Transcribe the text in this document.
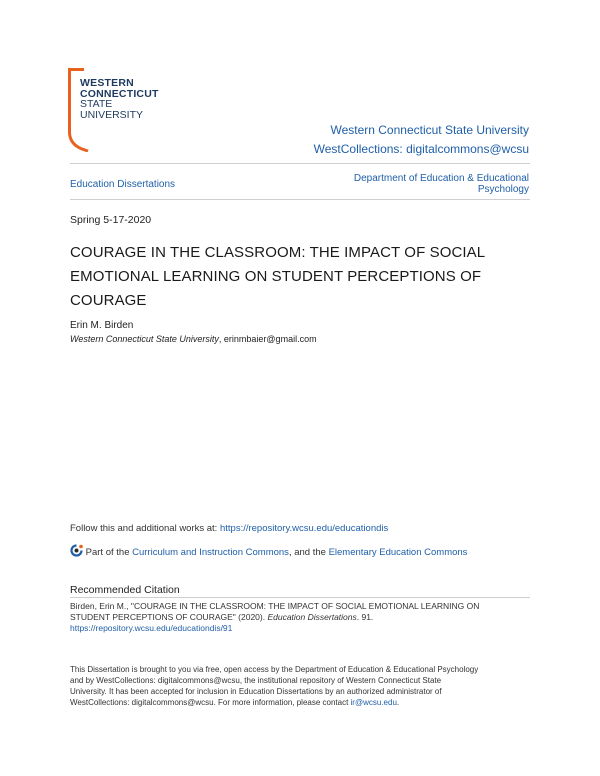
WESTERN
CONNECTICUT
STATE
UNIVERSITY
Western Connecticut State University
WestCollections: digitalcommons@wcsu
Education Dissertations
Department of Education & Educational
Psychology
Spring 5-17-2020
COURAGE IN THE CLASSROOM: THE IMPACT OF SOCIAL
EMOTIONAL LEARNING ON STUDENT PERCEPTIONS OF
COURAGE
Erin M. Birden
Western Connecticut State University, erinmbaier@gmail.com
Follow this and additional works at: https://repository.wcsu.edu/educationdis
Part of the Curriculum and Instruction Commons, and the Elementary Education Commons
Recommended Citation
Birden, Erin M., "COURAGE IN THE CLASSROOM: THE IMPACT OF SOCIAL EMOTIONAL LEARNING ON
STUDENT PERCEPTIONS OF COURAGE" (2020). Education Dissertations. 91.
https://repository.wcsu.edu/educationdis/91
This Dissertation is brought to you via free, open access by the Department of Education & Educational Psychology
and by WestCollections: digitalcommons@wcsu, the institutional repository of Western Connecticut State
University. It has been accepted for inclusion in Education Dissertations by an authorized administrator of
WestCollections: digitalcommons@wcsu. For more information, please contact ir@wcsu.edu.
